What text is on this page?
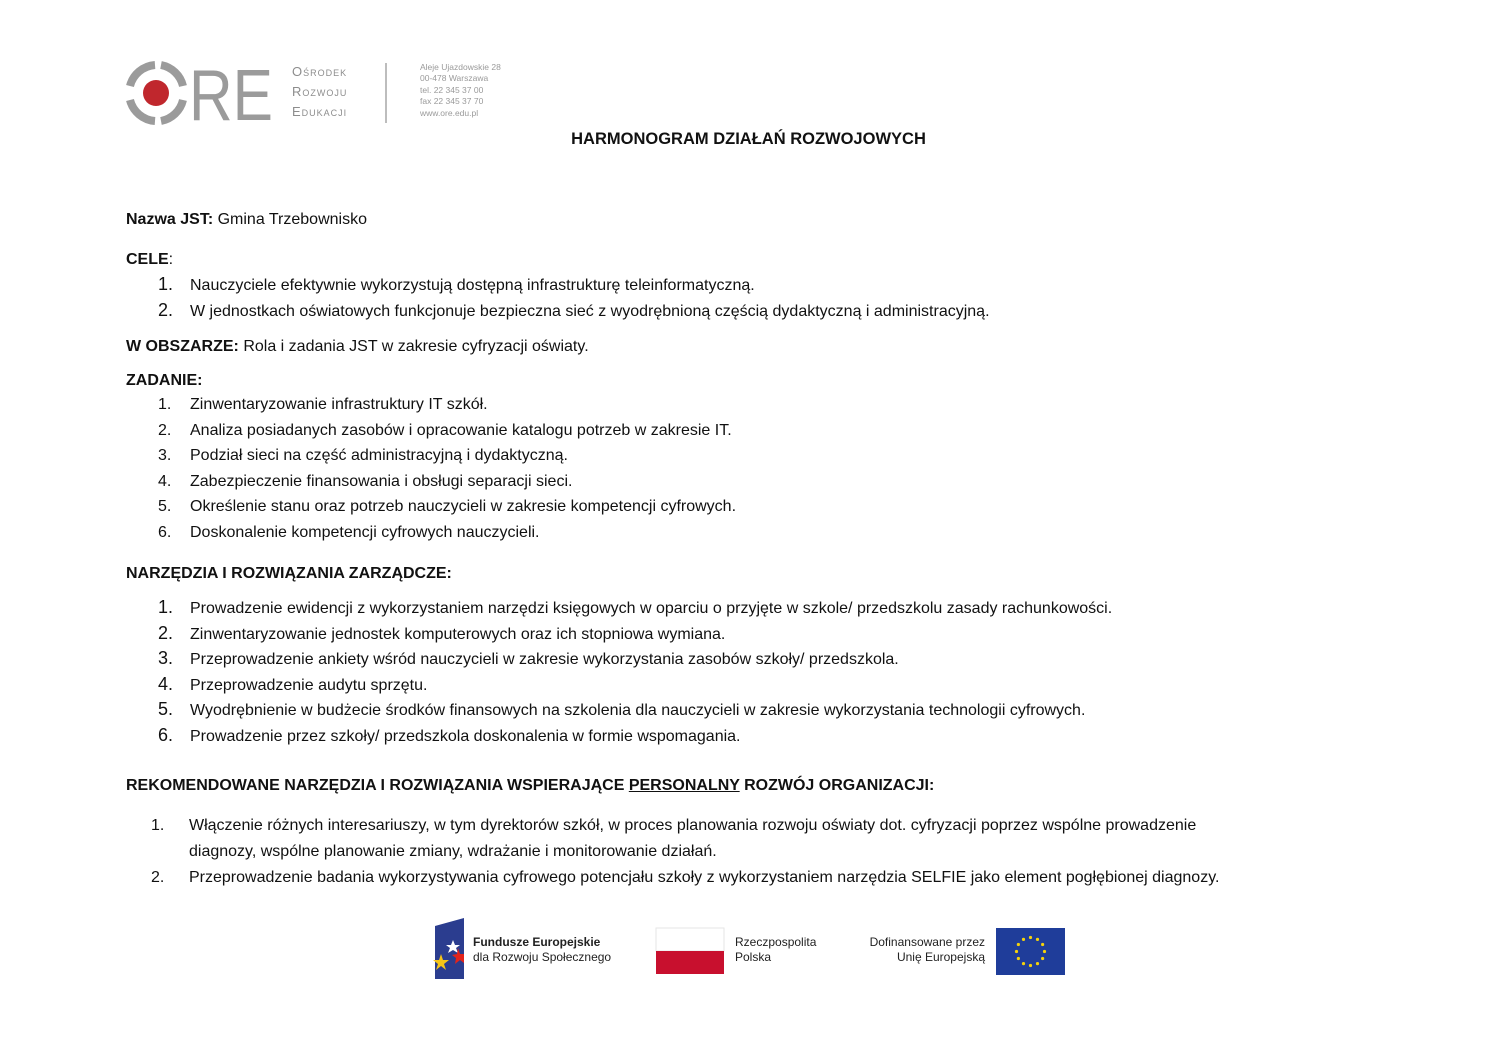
RE Ośrodek
Rozwoju
Edukacji
Aleje Ujazdowskie 28
00-478 Warszawa
tel. 22 345 37 00
fax 22 345 37 70
www.ore.edu.pl
HARMONOGRAM DZIAŁAŃ ROZWOJOWYCH
Nazwa JST: Gmina Trzebownisko
CELE:
1. Nauczyciele efektywnie wykorzystują dostępną infrastrukturę teleinformatyczną.
2. W jednostkach oświatowych funkcjonuje bezpieczna sieć z wyodrębnioną częścią dydaktyczną i administracyjną.
W OBSZARZE: Rola i zadania JST w zakresie cyfryzacji oświaty.
ZADANIE:
1. Zinwentaryzowanie infrastruktury IT szkół.
2. Analiza posiadanych zasobów i opracowanie katalogu potrzeb w zakresie IT.
3. Podział sieci na część administracyjną i dydaktyczną.
4. Zabezpieczenie finansowania i obsługi separacji sieci.
5. Określenie stanu oraz potrzeb nauczycieli w zakresie kompetencji cyfrowych.
6. Doskonalenie kompetencji cyfrowych nauczycieli.
NARZĘDZIA I ROZWIĄZANIA ZARZĄDCZE:
1. Prowadzenie ewidencji z wykorzystaniem narzędzi księgowych w oparciu o przyjęte w szkole/ przedszkolu zasady rachunkowości.
2. Zinwentaryzowanie jednostek komputerowych oraz ich stopniowa wymiana.
3. Przeprowadzenie ankiety wśród nauczycieli w zakresie wykorzystania zasobów szkoły/ przedszkola.
4. Przeprowadzenie audytu sprzętu.
5. Wyodrębnienie w budżecie środków finansowych na szkolenia dla nauczycieli w zakresie wykorzystania technologii cyfrowych.
6. Prowadzenie przez szkoły/ przedszkola doskonalenia w formie wspomagania.
REKOMENDOWANE NARZĘDZIA I ROZWIĄZANIA WSPIERAJĄCE PERSONALNY ROZWÓJ ORGANIZACJI:
1. Włączenie różnych interesariuszy, w tym dyrektorów szkół, w proces planowania rozwoju oświaty dot. cyfryzacji poprzez wspólne prowadzenie
diagnozy, wspólne planowanie zmiany, wdrażanie i monitorowanie działań.
2. Przeprowadzenie badania wykorzystywania cyfrowego potencjału szkoły z wykorzystaniem narzędzia SELFIE jako element pogłębionej diagnozy.
Fundusze Europejskie
dla Rozwoju Społecznego
Rzeczpospolita
Polska
Dofinansowane przez
Unię Europejską
